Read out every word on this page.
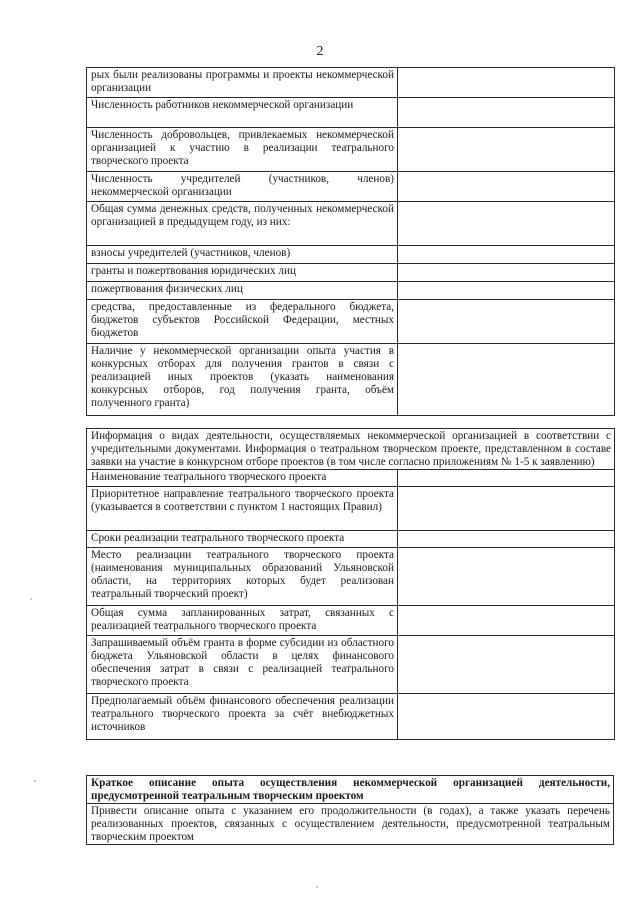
2
рых были реализованы программы и проекты некоммерческой организации	
Численность работников некоммерческой организации	
Численность добровольцев, привлекаемых некоммерческой организацией к участию в реализации театрального творческого проекта	
Численность учредителей (участников, членов) некоммерческой организации	
Общая сумма денежных средств, полученных некоммерческой организацией в предыдущем году, из них:	
взносы учредителей (участников, членов)	
гранты и пожертвования юридических лиц	
пожертвования физических лиц	
средства, предоставленные из федерального бюджета, бюджетов субъектов Российской Федерации, местных бюджетов	
Наличие у некоммерческой организации опыта участия в конкурсных отборах для получения грантов в связи с реализацией иных проектов (указать наименования конкурсных отборов, год получения гранта, объём полученного гранта)	
Информация о видах деятельности, осуществляемых некоммерческой организацией в соответствии с учредительными документами. Информация о театральном творческом проекте, представленном в составе заявки на участие в конкурсном отборе проектов (в том числе согласно приложениям № 1-5 к заявлению)	
Наименование театрального творческого проекта	
Приоритетное направление театрального творческого проекта (указывается в соответствии с пунктом 1 настоящих Правил)	
Сроки реализации театрального творческого проекта	
Место реализации театрального творческого проекта (наименования муниципальных образований Ульяновской области, на территориях которых будет реализован театральный творческий проект)	
Общая сумма запланированных затрат, связанных с реализацией театрального творческого проекта	
Запрашиваемый объём гранта в форме субсидии из областного бюджета Ульяновской области в целях финансового обеспечения затрат в связи с реализацией театрального творческого проекта	
Предполагаемый объём финансового обеспечения реализации театрального творческого проекта за счёт внебюджетных источников	
Краткое описание опыта осуществления некоммерческой организацией деятельности, предусмотренной театральным творческим проектом
Привести описание опыта с указанием его продолжительности (в годах), а также указать перечень реализованных проектов, связанных с осуществлением деятельности, предусмотренной театральным творческим проектом
